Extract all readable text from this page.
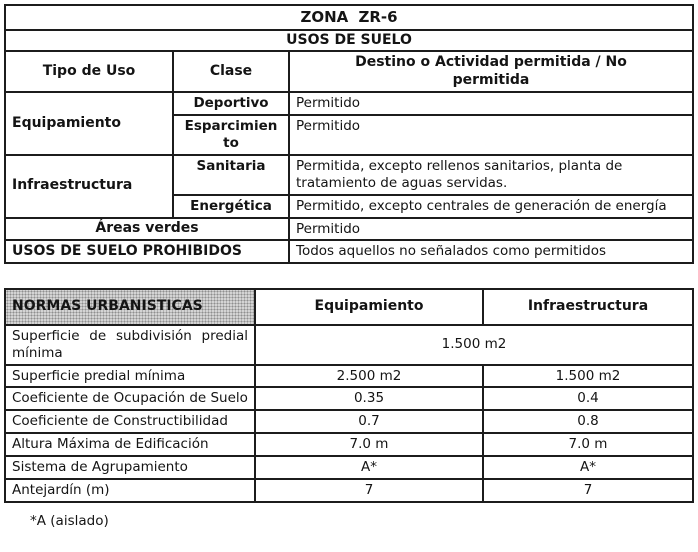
ZONA ZR-6		
USOS DE SUELO		
Tipo de Uso	Clase	Destino o Actividad permitida / No permitida
Equipamiento	Deportivo	Permitido
	Esparcimien to	Permitido
Infraestructura	Sanitaria	Permitida, excepto rellenos sanitarios, planta de tratamiento de aguas servidas.
	Energética	Permitido, excepto centrales de generación de energía
Áreas verdes		Permitido
USOS DE SUELO PROHIBIDOS		Todos aquellos no señalados como permitidos
NORMAS URBANISTICAS	Equipamiento	Infraestructura
Superficie de subdivisión predial mínima	1.500 m2	
Superficie predial mínima	2.500 m2	1.500 m2
Coeficiente de Ocupación de Suelo	0.35	0.4
Coeficiente de Constructibilidad	0.7	0.8
Altura Máxima de Edificación	7.0 m	7.0 m
Sistema de Agrupamiento	A*	A*
Antejardín (m)	7	7
*A (aislado)
